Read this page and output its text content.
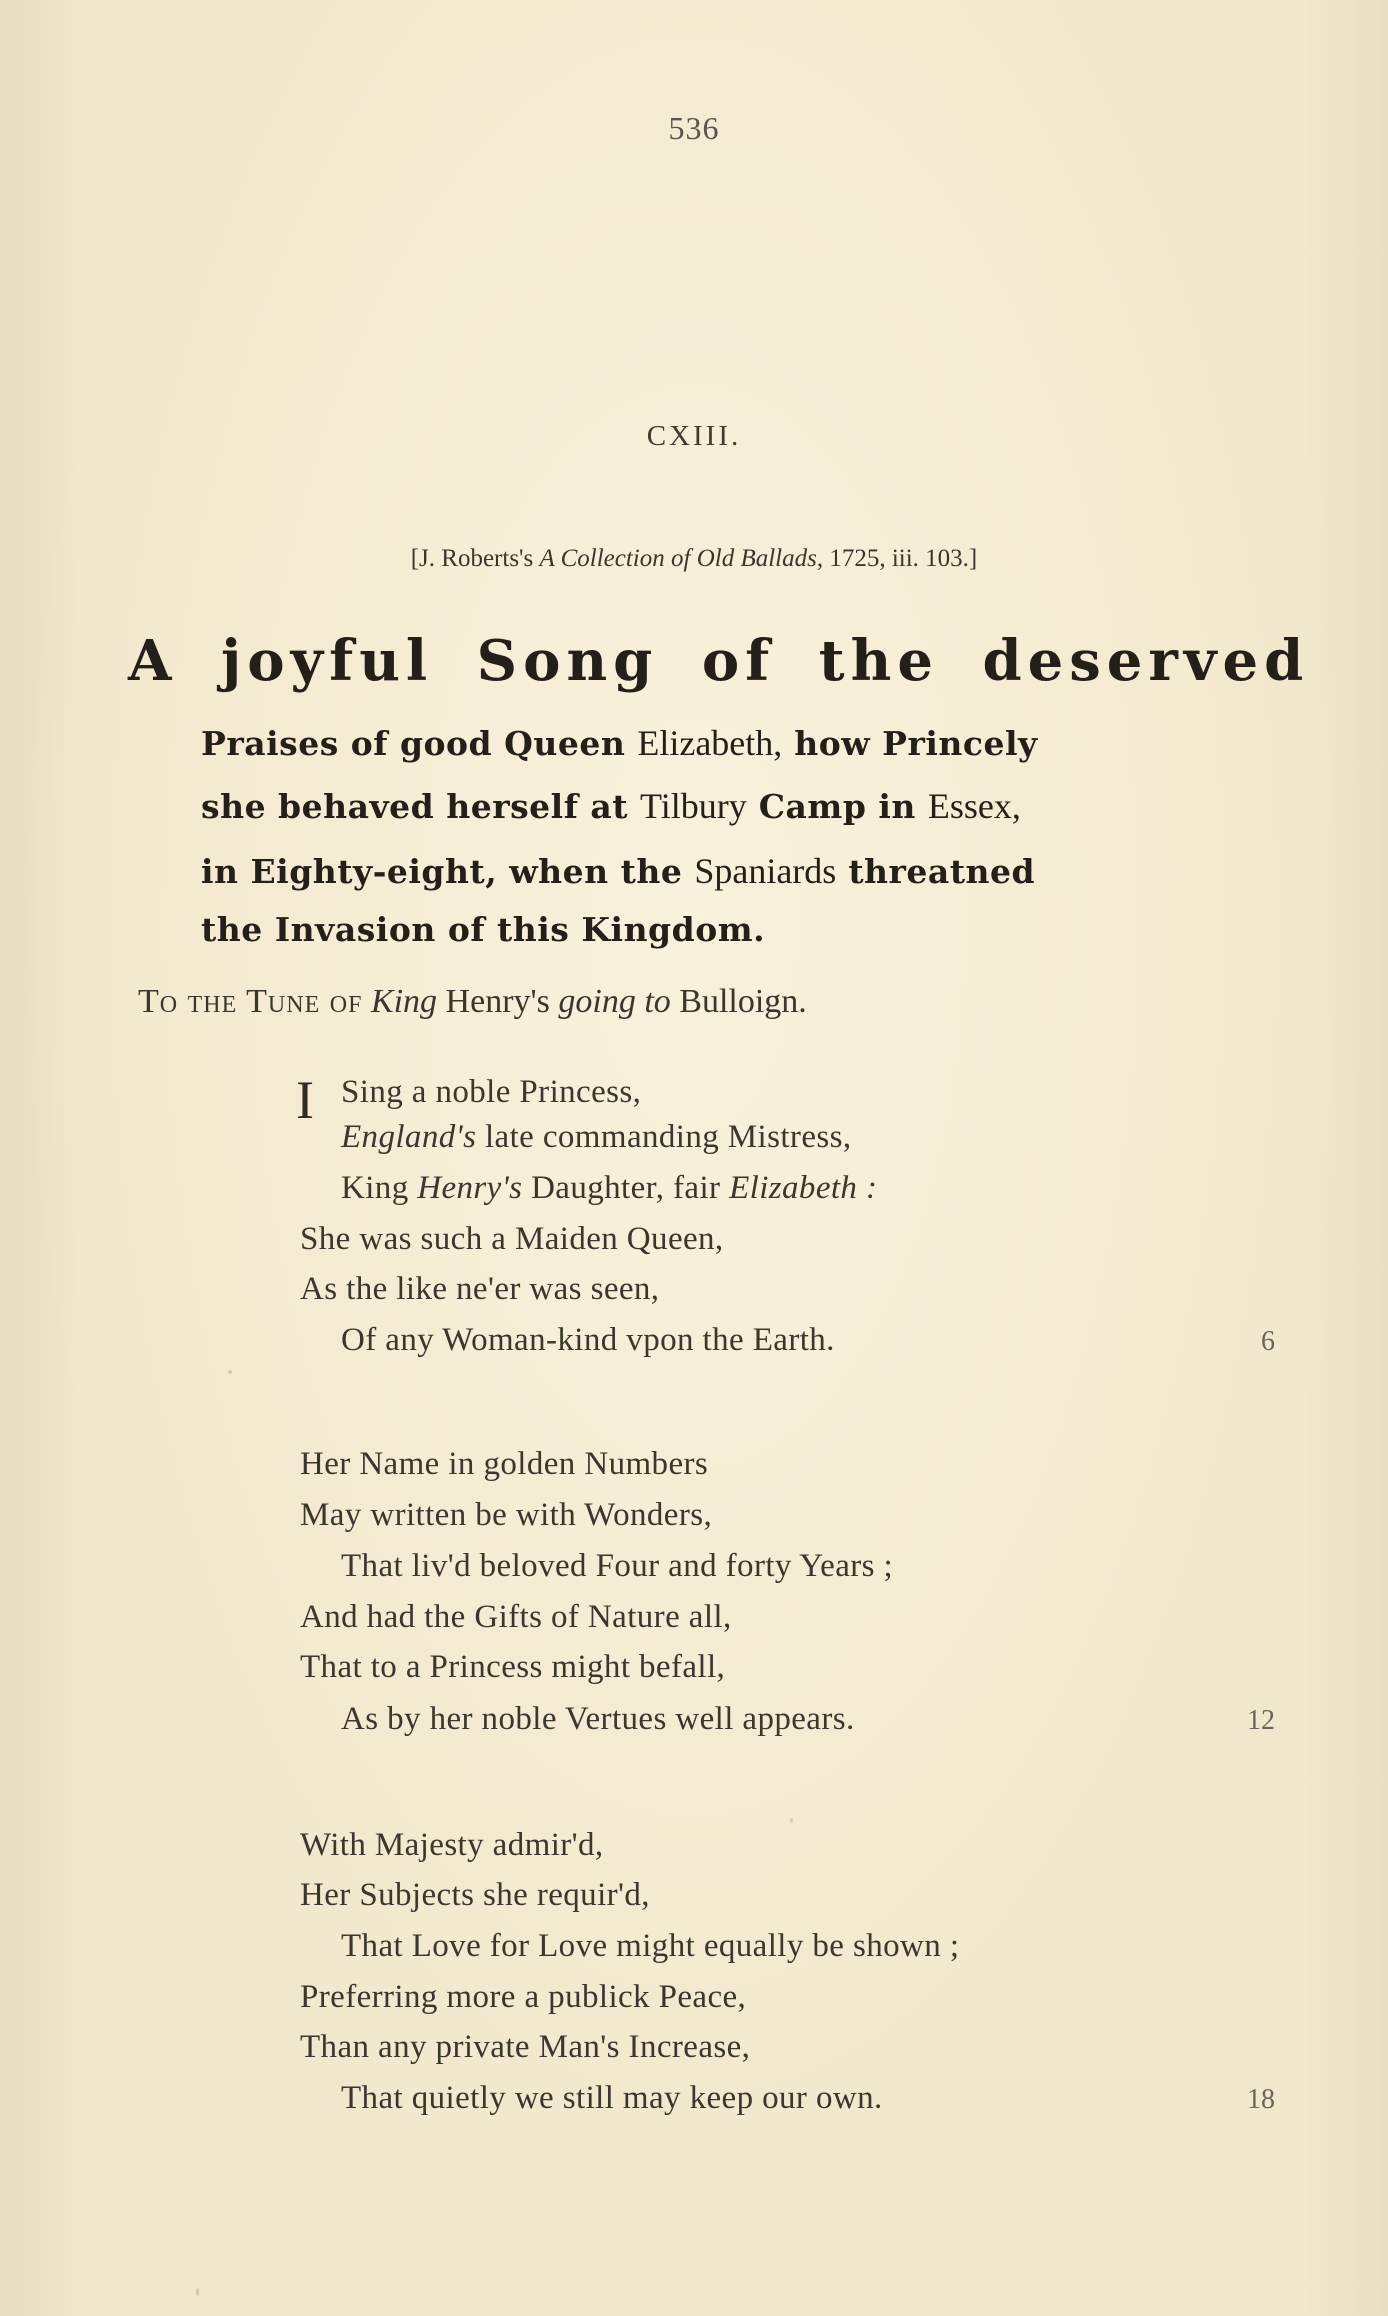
536
CXIII.
[J. Roberts's A Collection of Old Ballads, 1725, iii. 103.]
A joyful Song of the deserved
Praises of good Queen Elizabeth, how Princely
she behaved herself at Tilbury Camp in Essex,
in Eighty-eight, when the Spaniards threatned
the Invasion of this Kingdom.
To the Tune of King Henry's going to Bulloign.
I Sing a noble Princess,
England's late commanding Mistress,
King Henry's Daughter, fair Elizabeth :
She was such a Maiden Queen,
As the like ne'er was seen,
Of any Woman-kind vpon the Earth.	6
Her Name in golden Numbers
May written be with Wonders,
That liv'd beloved Four and forty Years ;
And had the Gifts of Nature all,
That to a Princess might befall,
As by her noble Vertues well appears.	12
With Majesty admir'd,
Her Subjects she requir'd,
That Love for Love might equally be shown ;
Preferring more a publick Peace,
Than any private Man's Increase,
That quietly we still may keep our own.	18
